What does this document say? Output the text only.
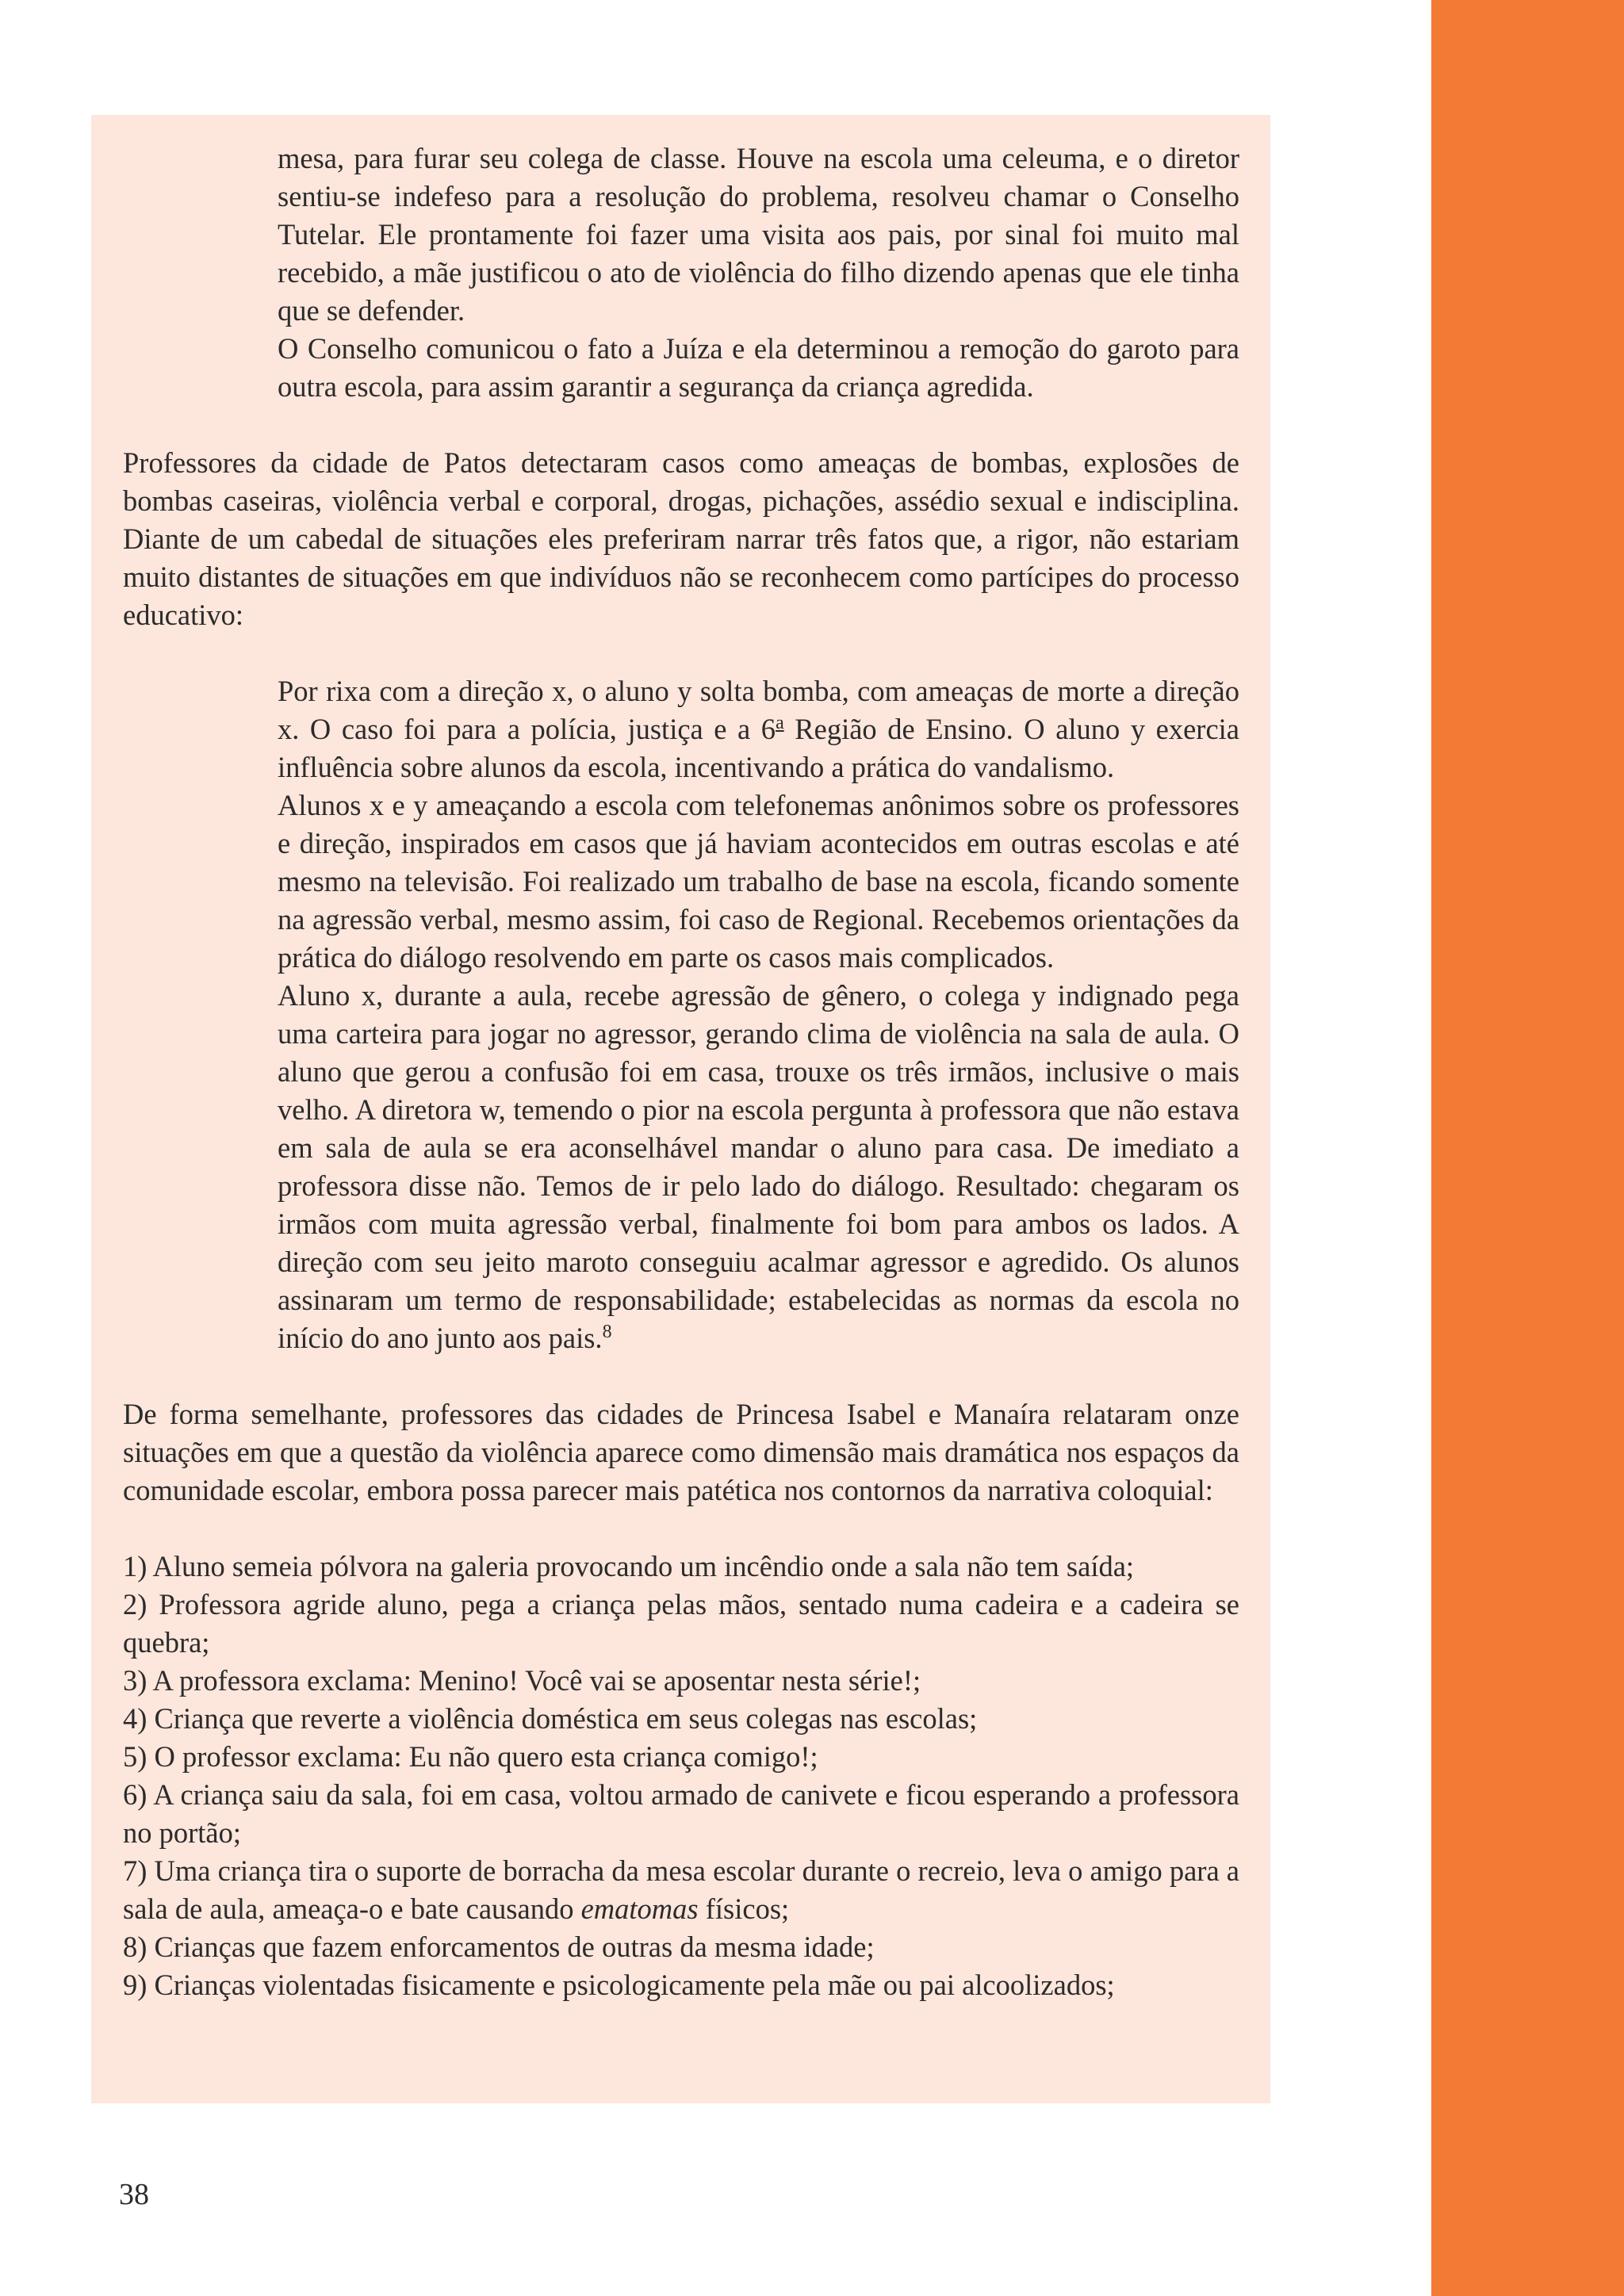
mesa, para furar seu colega de classe. Houve na escola uma celeuma, e o diretor sentiu-se indefeso para a resolução do problema, resolveu chamar o Conselho Tutelar. Ele prontamente foi fazer uma visita aos pais, por sinal foi muito mal recebido, a mãe justificou o ato de violência do filho dizendo apenas que ele tinha que se defender.
O Conselho comunicou o fato a Juíza e ela determinou a remoção do garoto para outra escola, para assim garantir a segurança da criança agredida.
Professores da cidade de Patos detectaram casos como ameaças de bombas, explosões de bombas caseiras, violência verbal e corporal, drogas, pichações, assédio sexual e indisciplina. Diante de um cabedal de situações eles preferiram narrar três fatos que, a rigor, não estariam muito distantes de situações em que indivíduos não se reconhecem como partícipes do processo educativo:
Por rixa com a direção x, o aluno y solta bomba, com ameaças de morte a direção x. O caso foi para a polícia, justiça e a 6$^a$ Região de Ensino. O aluno y exercia influência sobre alunos da escola, incentivando a prática do vandalismo.
Alunos x e y ameaçando a escola com telefonemas anônimos sobre os professores e direção, inspirados em casos que já haviam acontecidos em outras escolas e até mesmo na televisão. Foi realizado um trabalho de base na escola, ficando somente na agressão verbal, mesmo assim, foi caso de Regional. Recebemos orientações da prática do diálogo resolvendo em parte os casos mais complicados.
Aluno x, durante a aula, recebe agressão de gênero, o colega y indignado pega uma carteira para jogar no agressor, gerando clima de violência na sala de aula. O aluno que gerou a confusão foi em casa, trouxe os três irmãos, inclusive o mais velho. A diretora w, temendo o pior na escola pergunta à professora que não estava em sala de aula se era aconselhável mandar o aluno para casa. De imediato a professora disse não. Temos de ir pelo lado do diálogo. Resultado: chegaram os irmãos com muita agressão verbal, finalmente foi bom para ambos os lados. A direção com seu jeito maroto conseguiu acalmar agressor e agredido. Os alunos assinaram um termo de responsabilidade; estabelecidas as normas da escola no início do ano junto aos pais.$^8$
De forma semelhante, professores das cidades de Princesa Isabel e Manaíra relataram onze situações em que a questão da violência aparece como dimensão mais dramática nos espaços da comunidade escolar, embora possa parecer mais patética nos contornos da narrativa coloquial:
1) Aluno semeia pólvora na galeria provocando um incêndio onde a sala não tem saída;
2) Professora agride aluno, pega a criança pelas mãos, sentado numa cadeira e a cadeira se quebra;
3) A professora exclama: Menino! Você vai se aposentar nesta série!;
4) Criança que reverte a violência doméstica em seus colegas nas escolas;
5) O professor exclama: Eu não quero esta criança comigo!;
6) A criança saiu da sala, foi em casa, voltou armado de canivete e ficou esperando a professora no portão;
7) Uma criança tira o suporte de borracha da mesa escolar durante o recreio, leva o amigo para a sala de aula, ameaça-o e bate causando ematomas físicos;
8) Crianças que fazem enforcamentos de outras da mesma idade;
9) Crianças violentadas fisicamente e psicologicamente pela mãe ou pai alcoolizados;
38
